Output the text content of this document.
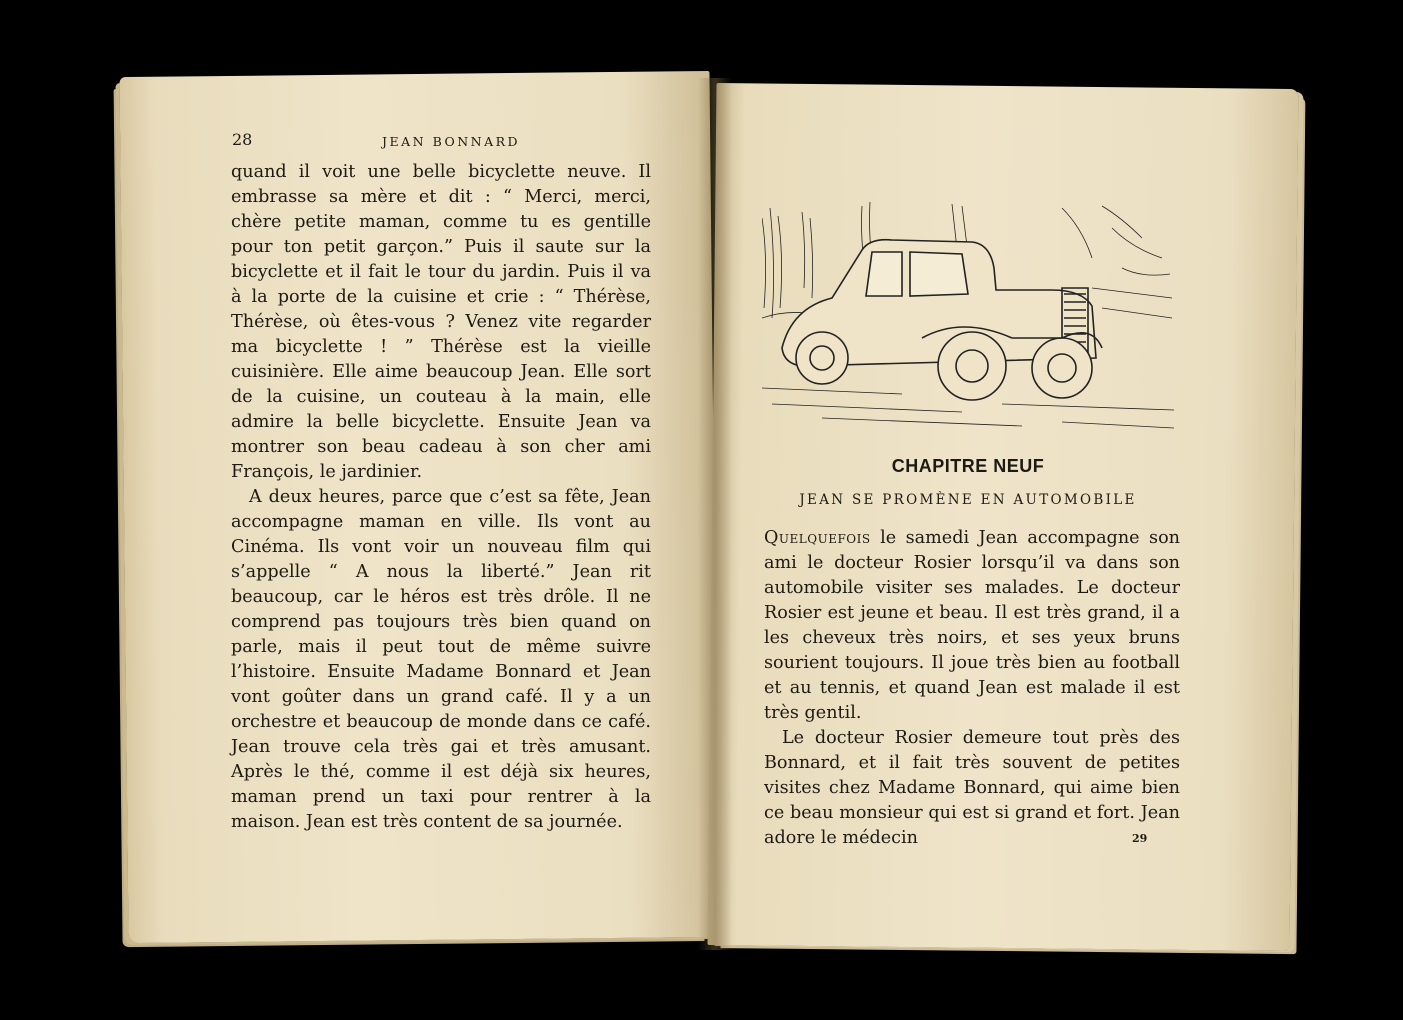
28	JEAN BONNARD

quand il voit une belle bicyclette neuve. Il embrasse sa mère et dit : “ Merci, merci, chère petite maman, comme tu es gentille pour ton petit garçon.” Puis il saute sur la bicyclette et il fait le tour du jardin. Puis il va à la porte de la cuisine et crie : “ Thérèse, Thérèse, où êtes-vous ? Venez vite regarder ma bicyclette ! ” Thérèse est la vieille cuisinière. Elle aime beaucoup Jean. Elle sort de la cuisine, un couteau à la main, elle admire la belle bicyclette. Ensuite Jean va montrer son beau cadeau à son cher ami François, le jardinier.

A deux heures, parce que c’est sa fête, Jean accompagne maman en ville. Ils vont au Cinéma. Ils vont voir un nouveau film qui s’appelle “ A nous la liberté.” Jean rit beaucoup, car le héros est très drôle. Il ne comprend pas toujours très bien quand on parle, mais il peut tout de même suivre l’histoire. Ensuite Madame Bonnard et Jean vont goûter dans un grand café. Il y a un orchestre et beaucoup de monde dans ce café. Jean trouve cela très gai et très amusant. Après le thé, comme il est déjà six heures, maman prend un taxi pour rentrer à la maison. Jean est très content de sa journée.

CHAPITRE NEUF
JEAN SE PROMÈNE EN AUTOMOBILE

Quelquefois le samedi Jean accompagne son ami le docteur Rosier lorsqu’il va dans son automobile visiter ses malades. Le docteur Rosier est jeune et beau. Il est très grand, il a les cheveux très noirs, et ses yeux bruns sourient toujours. Il joue très bien au football et au tennis, et quand Jean est malade il est très gentil.

Le docteur Rosier demeure tout près des Bonnard, et il fait très souvent de petites visites chez Madame Bonnard, qui aime bien ce beau monsieur qui est si grand et fort. Jean adore le médecin	29
